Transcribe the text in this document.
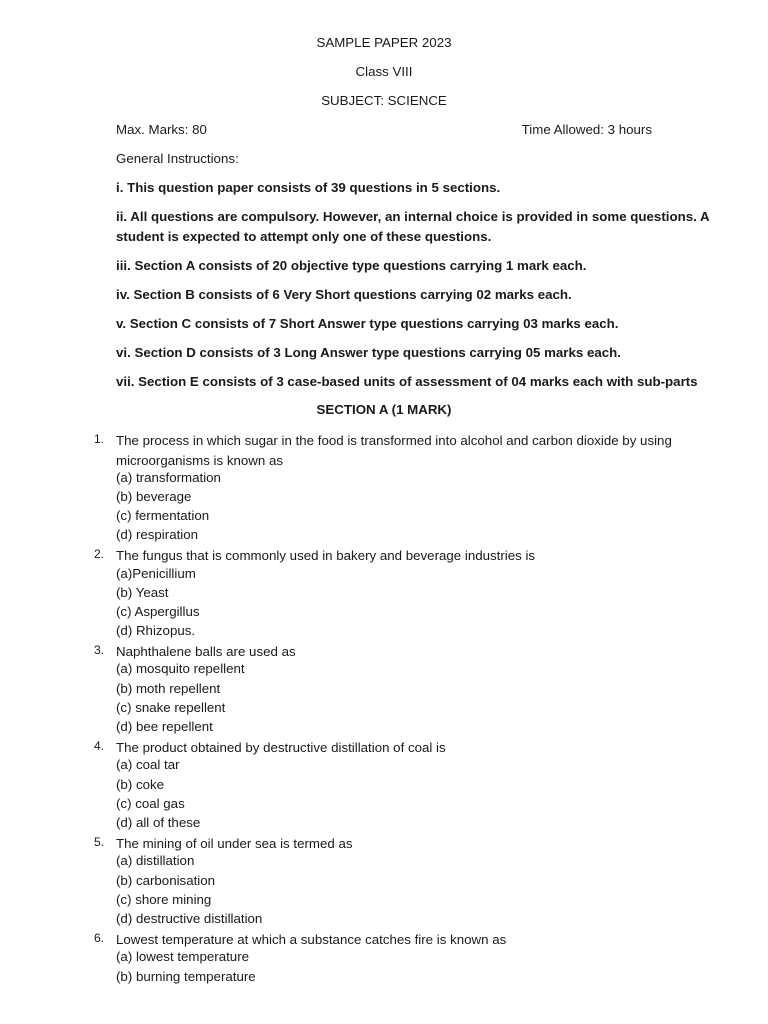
SAMPLE PAPER 2023
Class VIII
SUBJECT: SCIENCE
Max. Marks: 80	Time Allowed: 3 hours
General Instructions:
i. This question paper consists of 39 questions in 5 sections.
ii. All questions are compulsory. However, an internal choice is provided in some questions. A
student is expected to attempt only one of these questions.
iii. Section A consists of 20 objective type questions carrying 1 mark each.
iv. Section B consists of 6 Very Short questions carrying 02 marks each.
v. Section C consists of 7 Short Answer type questions carrying 03 marks each.
vi. Section D consists of 3 Long Answer type questions carrying 05 marks each.
vii. Section E consists of 3 case-based units of assessment of 04 marks each with sub-parts
SECTION A (1 MARK)
1. The process in which sugar in the food is transformed into alcohol and carbon dioxide by using microorganisms is known as
(a) transformation
(b) beverage
(c) fermentation
(d) respiration
2. The fungus that is commonly used in bakery and beverage industries is
(a)Penicillium
(b) Yeast
(c) Aspergillus
(d) Rhizopus.
3. Naphthalene balls are used as
(a) mosquito repellent
(b) moth repellent
(c) snake repellent
(d) bee repellent
4. The product obtained by destructive distillation of coal is
(a) coal tar
(b) coke
(c) coal gas
(d) all of these
5. The mining of oil under sea is termed as
(a) distillation
(b) carbonisation
(c) shore mining
(d) destructive distillation
6. Lowest temperature at which a substance catches fire is known as
(a) lowest temperature
(b) burning temperature
